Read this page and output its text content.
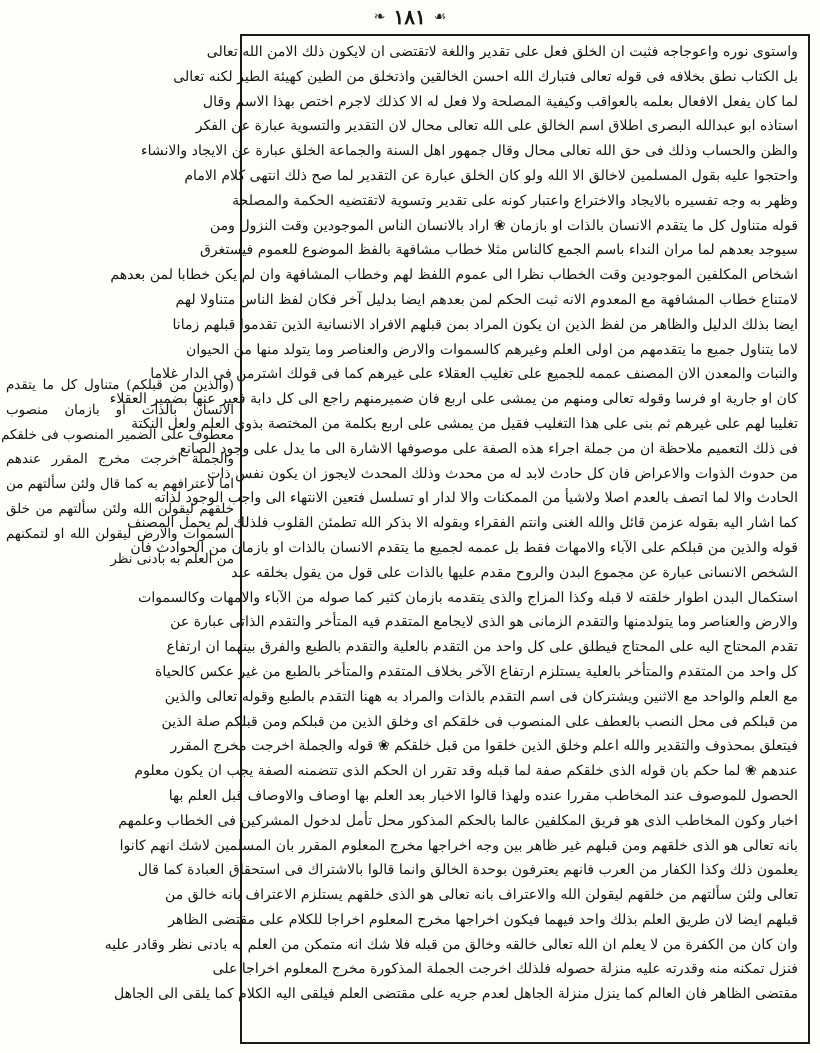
❧ ١٨١ ☙
واستوى نوره واعوجاجه فثبت ان الخلق فعل على تقدير واللغة لاتقتضى ان لايكون ذلك الامن الله تعالى
بل الكتاب نطق بخلافه فى قوله تعالى فتبارك الله احسن الخالقين واذتخلق من الطين كهيئة الطير لكنه تعالى
لما كان يفعل الافعال بعلمه بالعواقب وكيفية المصلحة ولا فعل له الا كذلك لاجرم اختص بهذا الاسم وقال
استاذه ابو عبدالله البصرى اطلاق اسم الخالق على الله تعالى محال لان التقدير والتسوية عبارة عن الفكر
والظن والحساب وذلك فى حق الله تعالى محال وقال جمهور اهل السنة والجماعة الخلق عبارة عن الايجاد والانشاء
واحتجوا عليه بقول المسلمين لاخالق الا الله ولو كان الخلق عبارة عن التقدير لما صح ذلك انتهى كلام الامام
وظهر به وجه تفسيره بالايجاد والاختراع واعتبار كونه على تقدير وتسوية لاتقتضيه الحكمة والمصلحة
قوله متناول كل ما يتقدم الانسان بالذات او بازمان ❀ اراد بالانسان الناس الموجودين وقت النزول ومن
سيوجد بعدهم لما مران النداء باسم الجمع كالناس مثلا خطاب مشافهة بالفظ الموضوع للعموم فيستغرق
اشخاص المكلفين الموجودين وقت الخطاب نظرا الى عموم اللفظ لهم وخطاب المشافهة وان لم يكن خطابا لمن بعدهم
لامتناع خطاب المشافهة مع المعدوم الانه ثبت الحكم لمن بعدهم ايضا بدليل آخر فكان لفظ الناس متناولا لهم
ايضا بذلك الدليل والظاهر من لفظ الذين ان يكون المراد بمن قبلهم الافراد الانسانية الذين تقدموا قبلهم زمانا
لاما يتناول جميع ما يتقدمهم من اولى العلم وغيرهم كالسموات والارض والعناصر وما يتولد منها من الحيوان
والنبات والمعدن الان المصنف عممه للجميع على تغليب العقلاء على غيرهم كما فى قولك اشترمن فى الدار غلاما
كان او جارية او فرسا وقوله تعالى ومنهم من يمشى على اربع فان ضميرمنهم راجع الى كل دابة فعبر عنها بضمير العقلاء
تغليبا لهم على غيرهم ثم بنى على هذا التغليب فقيل من يمشى على اربع بكلمة من المختصة بذوى العلم ولعل النكتة
فى ذلك التعميم ملاحظة ان من جملة اجراء هذه الصفة على موصوفها الاشارة الى ما يدل على وجود الصانع
من حدوث الذوات والاعراض فان كل حادث لابد له من محدث وذلك المحدث لايجوز ان يكون نفس ذات
الحادث والا لما اتصف بالعدم اصلا ولاشيأ من الممكنات والا لدار او تسلسل فتعين الانتهاء الى واجب الوجود لذاته
كما اشار اليه بقوله عزمن قائل والله الغنى وانتم الفقراء وبقوله الا بذكر الله تطمئن القلوب فلذلك لم يحمل المصنف
قوله والذين من قبلكم على الآباء والامهات فقط بل عممه لجميع ما يتقدم الانسان بالذات او بازمان من الحوادث فان
الشخص الانسانى عبارة عن مجموع البدن والروح مقدم عليها بالذات على قول من يقول بخلقه عند
استكمال البدن اطوار خلقته لا قبله وكذا المزاج والذى يتقدمه بازمان كثير كما صوله من الآباء والامهات وكالسموات
والارض والعناصر وما يتولدمنها والتقدم الزمانى هو الذى لايجامع المتقدم فيه المتأخر والتقدم الذاتى عبارة عن
تقدم المحتاج اليه على المحتاج فيطلق على كل واحد من التقدم بالعلية والتقدم بالطبع والفرق بينهما ان ارتفاع
كل واحد من المتقدم والمتأخر بالعلية يستلزم ارتفاع الآخر بخلاف المتقدم والمتأخر بالطبع من غير عكس كالحياة
مع العلم والواحد مع الاثنين ويشتركان فى اسم التقدم بالذات والمراد به ههنا التقدم بالطبع وقوله تعالى والذين
من قبلكم فى محل النصب بالعطف على المنصوب فى خلقكم اى وخلق الذين من قبلكم ومن قبلكم صلة الذين
فيتعلق بمحذوف والتقدير والله اعلم وخلق الذين خلقوا من قبل خلقكم ❀ قوله والجملة اخرجت مخرج المقرر
عندهم ❀ لما حكم بان قوله الذى خلقكم صفة لما قبله وقد تقرر ان الحكم الذى تتضمنه الصفة يجب ان يكون معلوم
الحصول للموصوف عند المخاطب مقررا عنده ولهذا قالوا الاخبار بعد العلم بها اوصاف والاوصاف قبل العلم بها
اخبار وكون المخاطب الذى هو فريق المكلفين عالما بالحكم المذكور محل تأمل لدخول المشركين فى الخطاب وعلمهم
بانه تعالى هو الذى خلقهم ومن قبلهم غير ظاهر بين وجه اخراجها مخرج المعلوم المقرر بان المسلمين لاشك انهم كانوا
يعلمون ذلك وكذا الكفار من العرب فانهم يعترفون بوحدة الخالق وانما قالوا بالاشتراك فى استحقاق العبادة كما قال
تعالى ولئن سألتهم من خلقهم ليقولن الله والاعتراف بانه تعالى هو الذى خلقهم يستلزم الاعتراف بانه خالق من
قبلهم ايضا لان طريق العلم بذلك واحد فيهما فيكون اخراجها مخرج المعلوم اخراجا للكلام على مقتضى الظاهر
وان كان من الكفرة من لا يعلم ان الله تعالى خالقه وخالق من قبله فلا شك انه متمكن من العلم به بادنى نظر وقادر عليه
فنزل تمكنه منه وقدرته عليه منزلة حصوله فلذلك اخرجت الجملة المذكورة مخرج المعلوم اخراجا على
مقتضى الظاهر فان العالم كما ينزل منزلة الجاهل لعدم جريه على مقتضى العلم فيلقى اليه الكلام كما يلقى الى الجاهل
(والذين من قبلكم) متناول كل ما يتقدم
الانسان بالذات او بازمان منصوب
معطوف على الضمير المنصوب فى خلقكم
والجملة اخرجت مخرج المقرر عندهم
اما لاعترافهم به كما قال ولئن سألتهم من
خلقهم ليقولن الله ولئن سألتهم من خلق
السموات والارض ليقولن الله او لتمكنهم
من العلم به بادنى نظر
